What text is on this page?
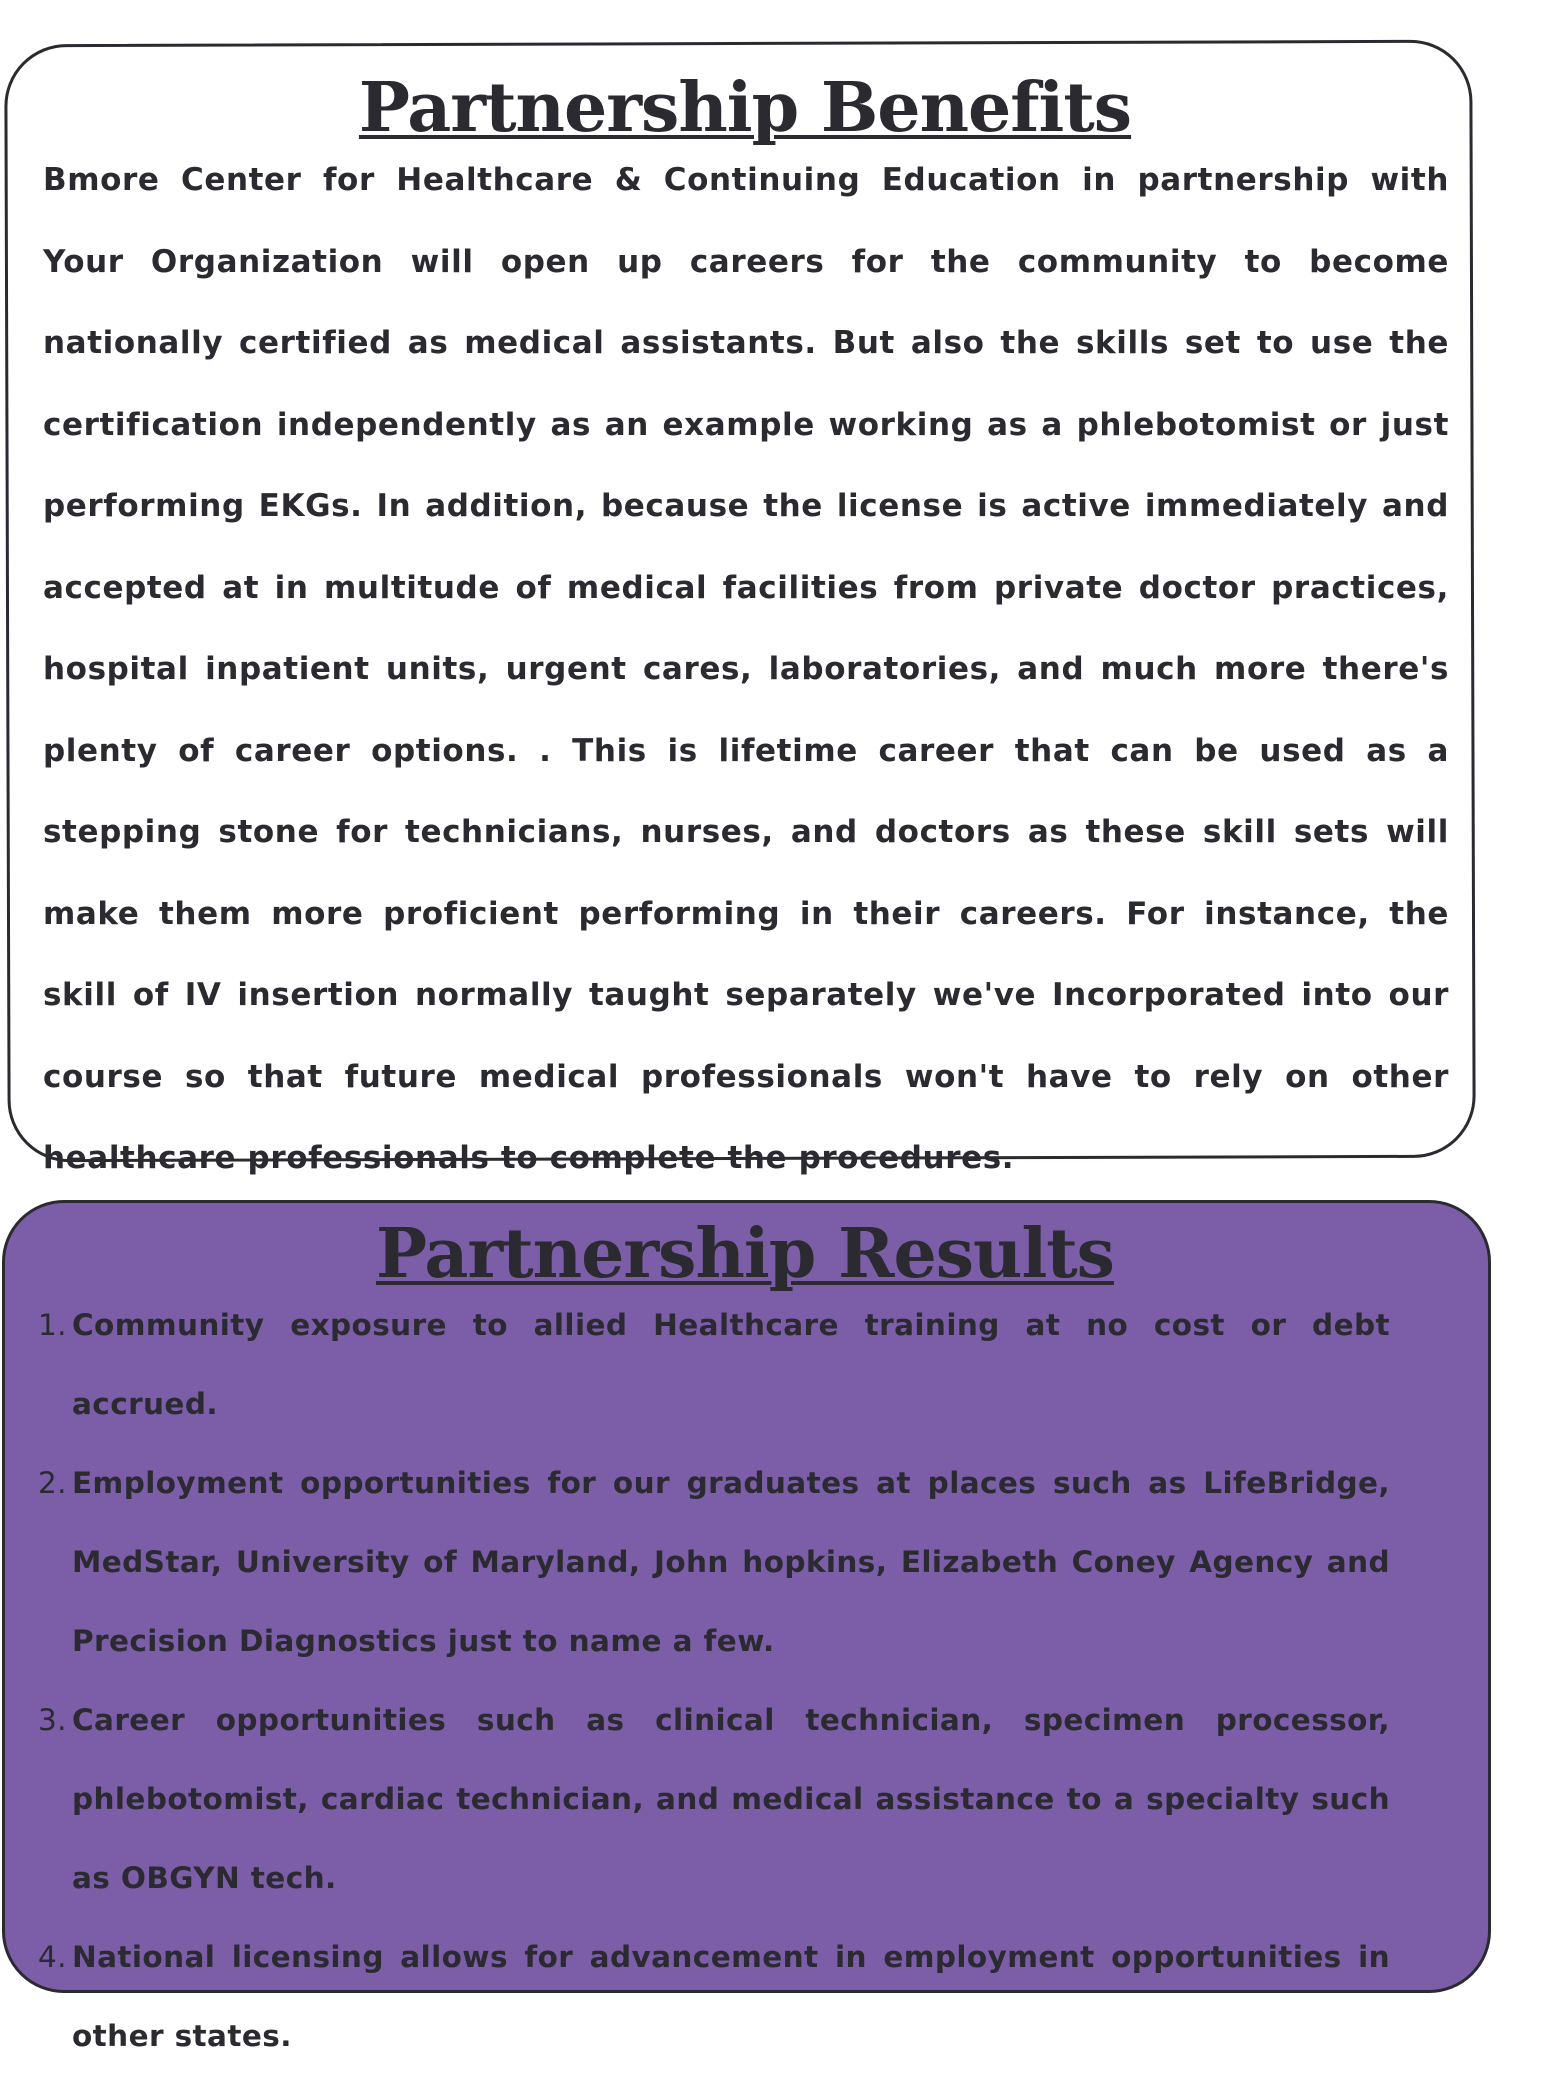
Partnership Benefits

Bmore Center for Healthcare & Continuing Education in partnership with Your Organization will open up careers for the community to become nationally certified as medical assistants. But also the skills set to use the certification independently as an example working as a phlebotomist or just performing EKGs. In addition, because the license is active immediately and accepted at in multitude of medical facilities from private doctor practices, hospital inpatient units, urgent cares, laboratories, and much more there's plenty of career options. . This is lifetime career that can be used as a stepping stone for technicians, nurses, and doctors as these skill sets will make them more proficient performing in their careers. For instance, the skill of IV insertion normally taught separately we've Incorporated into our course so that future medical professionals won't have to rely on other healthcare professionals to complete the procedures.

Partnership Results
1. Community exposure to allied Healthcare training at no cost or debt accrued.
2. Employment opportunities for our graduates at places such as LifeBridge, MedStar, University of Maryland, John hopkins, Elizabeth Coney Agency and Precision Diagnostics just to name a few.
3. Career opportunities such as clinical technician, specimen processor, phlebotomist, cardiac technician, and medical assistance to a specialty such as OBGYN tech.
4. National licensing allows for advancement in employment opportunities in other states.
